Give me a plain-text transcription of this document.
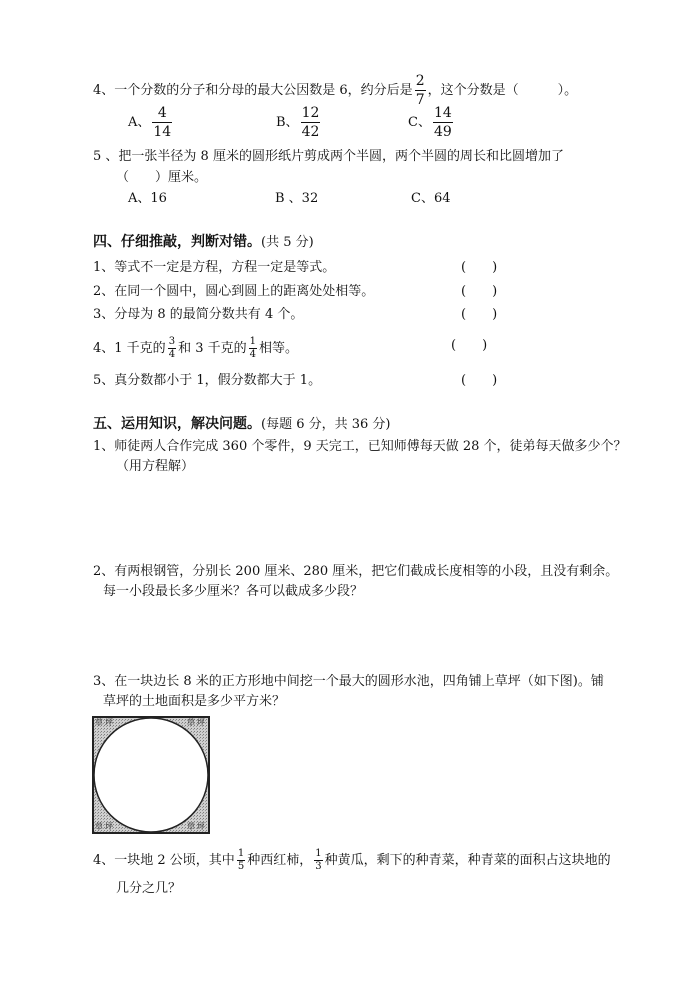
4、一个分数的分子和分母的最大公因数是 6，约分后是 $\frac{2}{7}$ ，这个分数是（　　　）。
A、 $\frac{4}{14}$	B、 $\frac{12}{42}$	C、 $\frac{14}{49}$
5 、把一张半径为 8 厘米的圆形纸片剪成两个半圆，两个半圆的周长和比圆增加了
（　　）厘米。
A、16	B 、32	C、64
四、仔细推敲，判断对错。(共 5 分)
1、等式不一定是方程，方程一定是等式。	(　　)
2、在同一个圆中，圆心到圆上的距离处处相等。	(　　)
3、分母为 8 的最简分数共有 4 个。	(　　)
4、1 千克的 $\frac{3}{4}$ 和 3 千克的 $\frac{1}{4}$ 相等。	(　　)
5、真分数都小于 1，假分数都大于 1。	(　　)
五、运用知识，解决问题。(每题 6 分，共 36 分)
1、师徒两人合作完成 360 个零件，9 天完工，已知师傅每天做 28 个，徒弟每天做多少个？
（用方程解）
2、有两根钢管，分别长 200 厘米、280 厘米，把它们截成长度相等的小段，且没有剩余。
每一小段最长多少厘米？各可以截成多少段？
3、在一块边长 8 米的正方形地中间挖一个最大的圆形水池，四角铺上草坪（如下图)。铺
草坪的土地面积是多少平方米？
草坪	草坪
草坪	草坪
4、一块地 2 公顷，其中 $\frac{1}{5}$ 种西红柿， $\frac{1}{3}$ 种黄瓜，剩下的种青菜，种青菜的面积占这块地的
几分之几？
